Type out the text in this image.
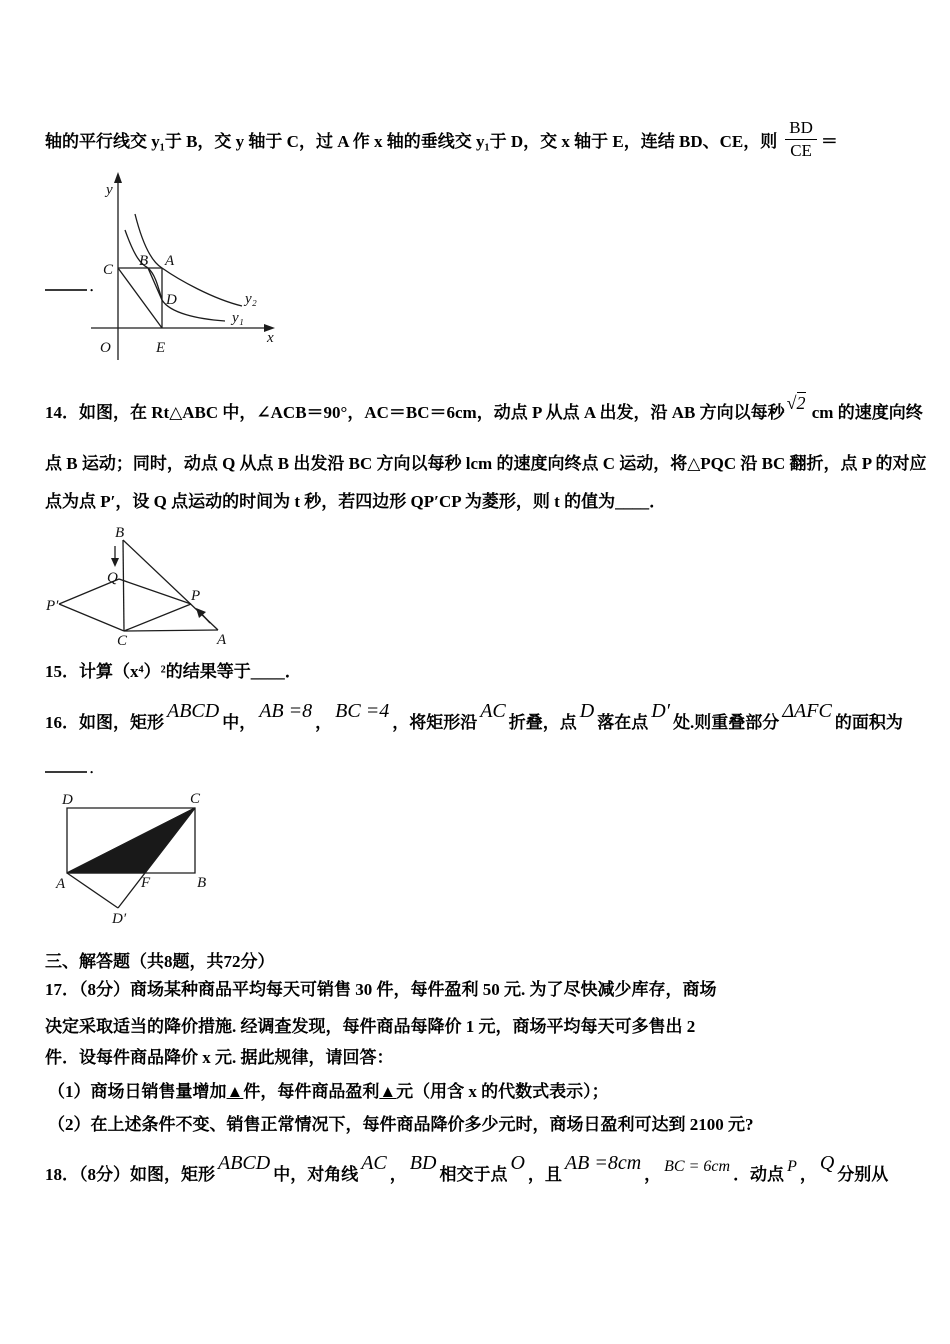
轴的平行线交 y₁于 B，交 y 轴于 C，过 A 作 x 轴的垂线交 y₁于 D，交 x 轴于 E，连结 BD、CE，则 $\frac{BD}{CE}$ ＝
．
y
x
O
C
B A
D
E
y₂
y₁
14．如图，在 Rt△ABC 中，∠ACB＝90°，AC＝BC＝6cm，动点 P 从点 A 出发，沿 AB 方向以每秒 √2 cm 的速度向终
点 B 运动；同时，动点 Q 从点 B 出发沿 BC 方向以每秒 lcm 的速度向终点 C 运动，将△PQC 沿 BC 翻折，点 P 的对应
点为点 P′，设 Q 点运动的时间为 t 秒，若四边形 QP′CP 为菱形，则 t 的值为____．
B
Q
P′
P
C	A
15．计算（x⁴）²的结果等于____．
16．如图，矩形ABCD中，AB =8，BC =4，将矩形沿AC折叠，点D落在点D′处.则重叠部分ΔAFC的面积为
．
D	C
A	F	B
D′
三、解答题（共8题，共72分）
17．（8分）商场某种商品平均每天可销售 30 件，每件盈利 50 元. 为了尽快减少库存，商场
决定采取适当的降价措施. 经调查发现，每件商品每降价 1 元，商场平均每天可多售出 2
件．设每件商品降价 x 元. 据此规律，请回答：
（1）商场日销售量增加▲件，每件商品盈利▲元（用含 x 的代数式表示）；
（2）在上述条件不变、销售正常情况下，每件商品降价多少元时，商场日盈利可达到 2100 元?
18．（8分）如图，矩形ABCD中，对角线AC，BD相交于点O，且AB =8cm， BC = 6cm ．动点 P ，Q分别从
